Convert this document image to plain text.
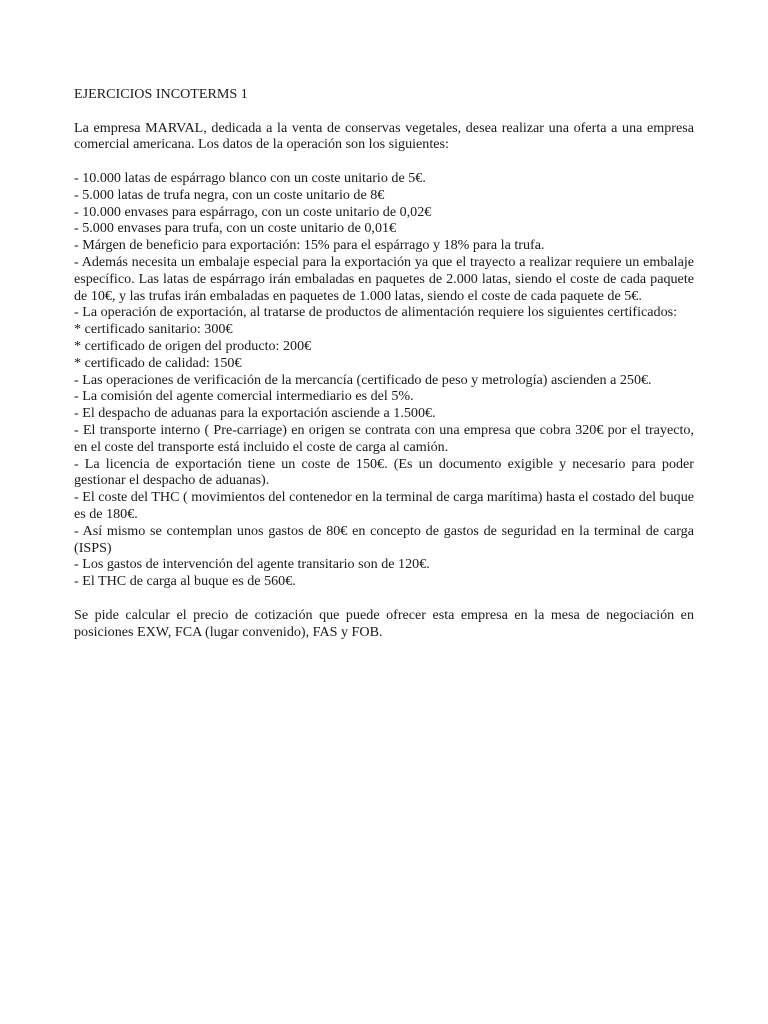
EJERCICIOS INCOTERMS 1

La empresa MARVAL, dedicada a la venta de conservas vegetales, desea realizar una oferta a una empresa comercial americana. Los datos de la operación son los siguientes:

- 10.000 latas de espárrago blanco con un coste unitario de 5€.

- 5.000 latas de trufa negra, con un coste unitario de 8€

- 10.000 envases para espárrago, con un coste unitario de 0,02€

- 5.000 envases para trufa, con un coste unitario de 0,01€

- Márgen de beneficio para exportación: 15% para el espárrago y 18% para la trufa.

- Además necesita un embalaje especial para la exportación ya que el trayecto a realizar requiere un embalaje específico. Las latas de espárrago irán embaladas en paquetes de 2.000 latas, siendo el coste de cada paquete de 10€, y las trufas irán embaladas en paquetes de 1.000 latas, siendo el coste de cada paquete de 5€.

- La operación de exportación, al tratarse de productos de alimentación requiere los siguientes certificados:

* certificado sanitario: 300€

* certificado de origen del producto: 200€

* certificado de calidad: 150€

- Las operaciones de verificación de la mercancía (certificado de peso y metrología) ascienden a 250€.

- La comisión del agente comercial intermediario es del 5%.

- El despacho de aduanas para la exportación asciende a 1.500€.

- El transporte interno ( Pre-carriage) en origen se contrata con una empresa que cobra 320€ por el trayecto, en el coste del transporte está incluido el coste de carga al camión.

- La licencia de exportación tiene un coste de 150€. (Es un documento exigible y necesario para poder gestionar el despacho de aduanas).

- El coste del THC ( movimientos del contenedor en la terminal de carga marítima) hasta el costado del buque es de 180€.

- Así mismo se contemplan unos gastos de 80€ en concepto de gastos de seguridad en la terminal de carga (ISPS)

- Los gastos de intervención del agente transitario son de 120€.

- El THC de carga al buque es de 560€.

Se pide calcular el precio de cotización que puede ofrecer esta empresa en la mesa de negociación en posiciones EXW, FCA (lugar convenido), FAS y FOB.
